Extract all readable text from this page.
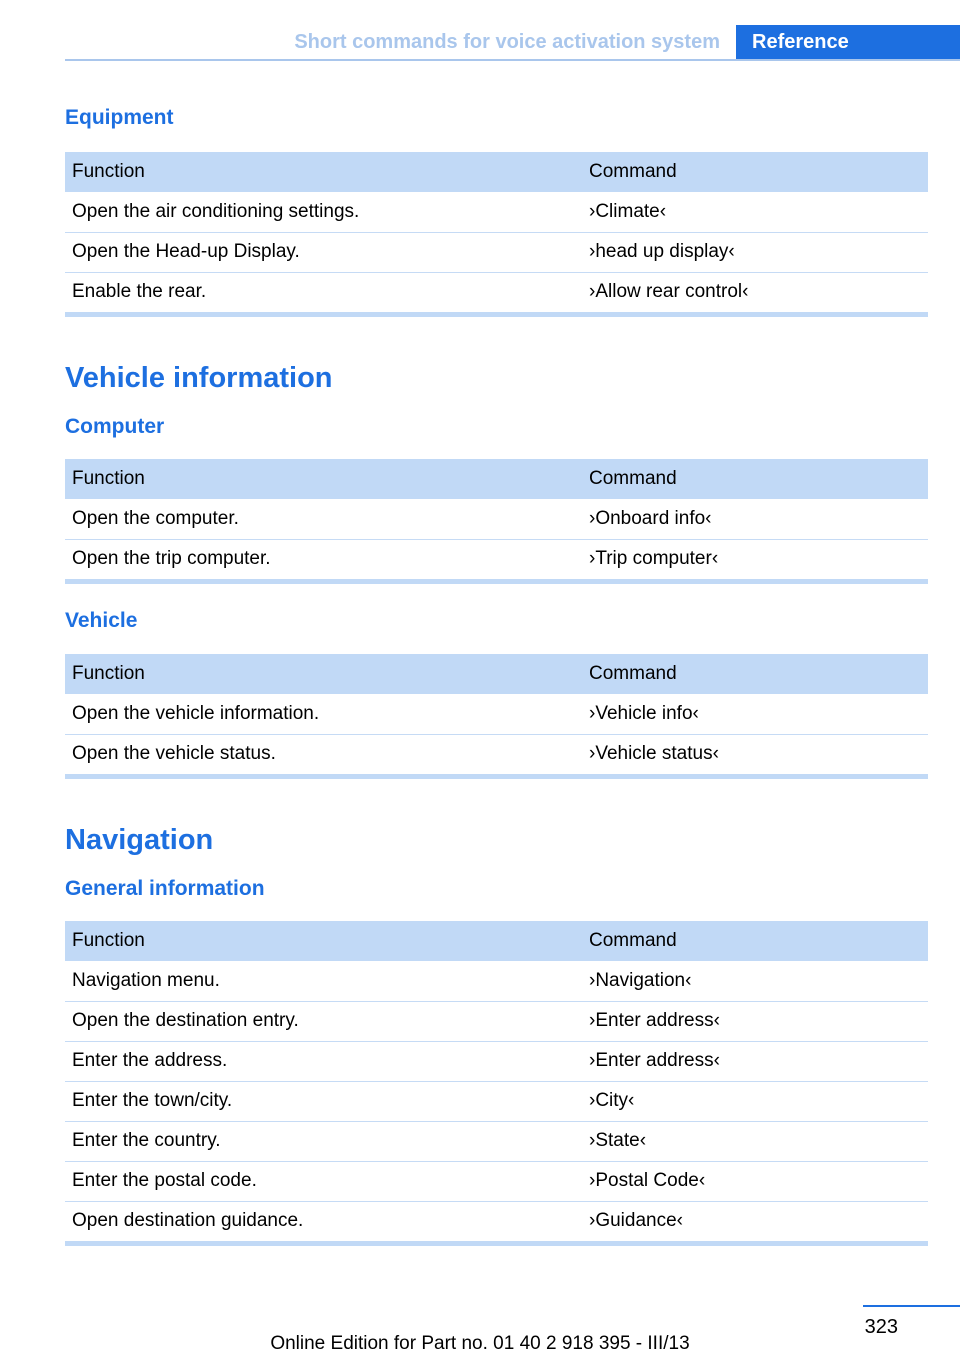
Short commands for voice activation system	Reference
Equipment
Function	Command
Open the air conditioning settings.	›Climate‹
Open the Head-up Display.	›head up display‹
Enable the rear.	›Allow rear control‹
Vehicle information
Computer
Function	Command
Open the computer.	›Onboard info‹
Open the trip computer.	›Trip computer‹
Vehicle
Function	Command
Open the vehicle information.	›Vehicle info‹
Open the vehicle status.	›Vehicle status‹
Navigation
General information
Function	Command
Navigation menu.	›Navigation‹
Open the destination entry.	›Enter address‹
Enter the address.	›Enter address‹
Enter the town/city.	›City‹
Enter the country.	›State‹
Enter the postal code.	›Postal Code‹
Open destination guidance.	›Guidance‹
323
Online Edition for Part no. 01 40 2 918 395 - III/13
